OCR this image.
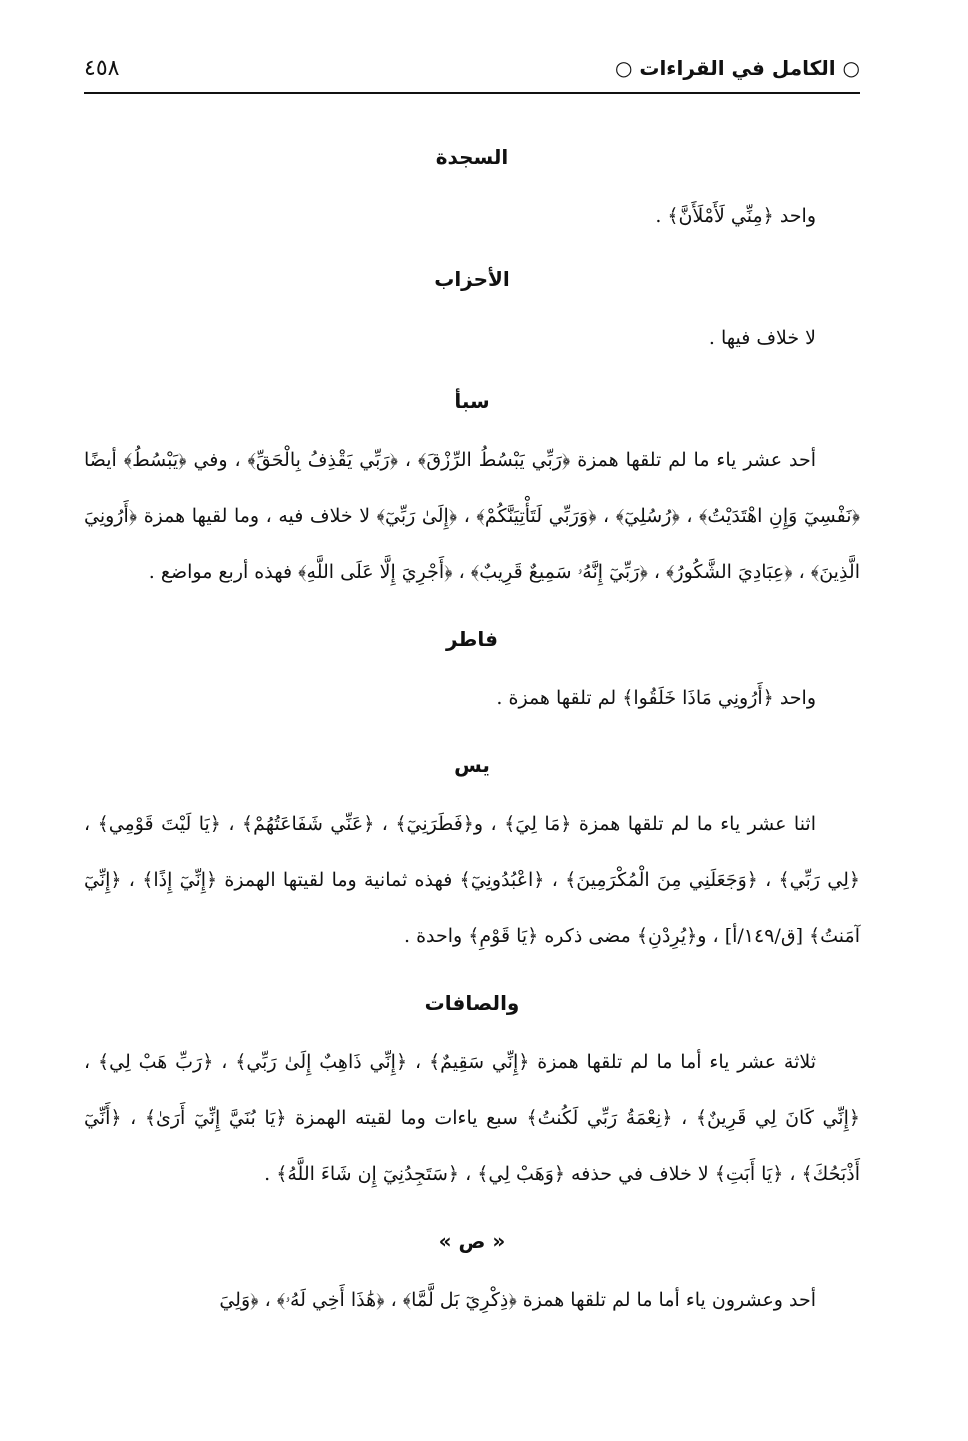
٤٥٨	○ الكامل في القراءات ○
السجدة

واحد ﴿مِنِّي لَأَمْلَأَنَّ﴾ .

الأحزاب

لا خلاف فيها .

سبأ

أحد عشر ياء ما لم تلقها همزة ﴿رَبِّي يَبْسُطُ الرِّزْقَ﴾ ، ﴿رَبِّي يَقْذِفُ بِالْحَقِّ﴾ ، وفي ﴿يَبْسُطُ﴾ أيضًا ﴿نَفْسِيٓ وَإِنِ اهْتَدَيْتُ﴾ ، ﴿رُسُلِيٓ﴾ ، ﴿وَرَبِّي لَتَأْتِيَنَّكُمْ﴾ ، ﴿إِلَىٰ رَبِّيٓ﴾ لا خلاف فيه ، وما لقيها همزة ﴿أَرُونِيَ الَّذِينَ﴾ ، ﴿عِبَادِيَ الشَّكُورُ﴾ ، ﴿رَبِّيٓ إِنَّهُۥ سَمِيعٌ قَرِيبٌ﴾ ، ﴿أَجْرِيَ إِلَّا عَلَى اللَّهِ﴾ فهذه أربع مواضع .

فاطر

واحد ﴿أَرُونِي مَاذَا خَلَقُوا﴾ لم تلقها همزة .

يس

اثنا عشر ياء ما لم تلقها همزة ﴿مَا لِيَ﴾ ، و﴿فَطَرَنِيٓ﴾ ، ﴿عَنِّي شَفَاعَتُهُمْ﴾ ، ﴿يَا لَيْتَ قَوْمِي﴾ ، ﴿لِي رَبِّي﴾ ، ﴿وَجَعَلَنِي مِنَ الْمُكْرَمِينَ﴾ ، ﴿اعْبُدُونِيٓ﴾ فهذه ثمانية وما لقيتها الهمزة ﴿إِنِّيٓ إِذًا﴾ ، ﴿إِنِّيٓ آمَنتُ﴾ [ق/١٤٩/أ] ، و﴿يُرِدْنِ﴾ مضى ذكره ﴿يَا قَوْمِ﴾ واحدة .

والصافات

ثلاثة عشر ياء أما ما لم تلقها همزة ﴿إِنِّي سَقِيمٌ﴾ ، ﴿إِنِّي ذَاهِبٌ إِلَىٰ رَبِّي﴾ ، ﴿رَبِّ هَبْ لِي﴾ ، ﴿إِنِّي كَانَ لِي قَرِينٌ﴾ ، ﴿نِعْمَةُ رَبِّي لَكُنتُ﴾ سبع ياءات وما لقيته الهمزة ﴿يَا بُنَيَّ إِنِّيٓ أَرَىٰ﴾ ، ﴿أَنِّيٓ أَذْبَحُكَ﴾ ، ﴿يَا أَبَتِ﴾ لا خلاف في حذفه ﴿وَهَبْ لِي﴾ ، ﴿سَتَجِدُنِيٓ إِن شَاءَ اللَّهُ﴾ .

« ص »

أحد وعشرون ياء أما ما لم تلقها همزة ﴿ذِكْرِيٓ بَل لَّمَّا﴾ ، ﴿هَٰذَا أَخِي لَهُۥ﴾ ، ﴿وَلِيَ
